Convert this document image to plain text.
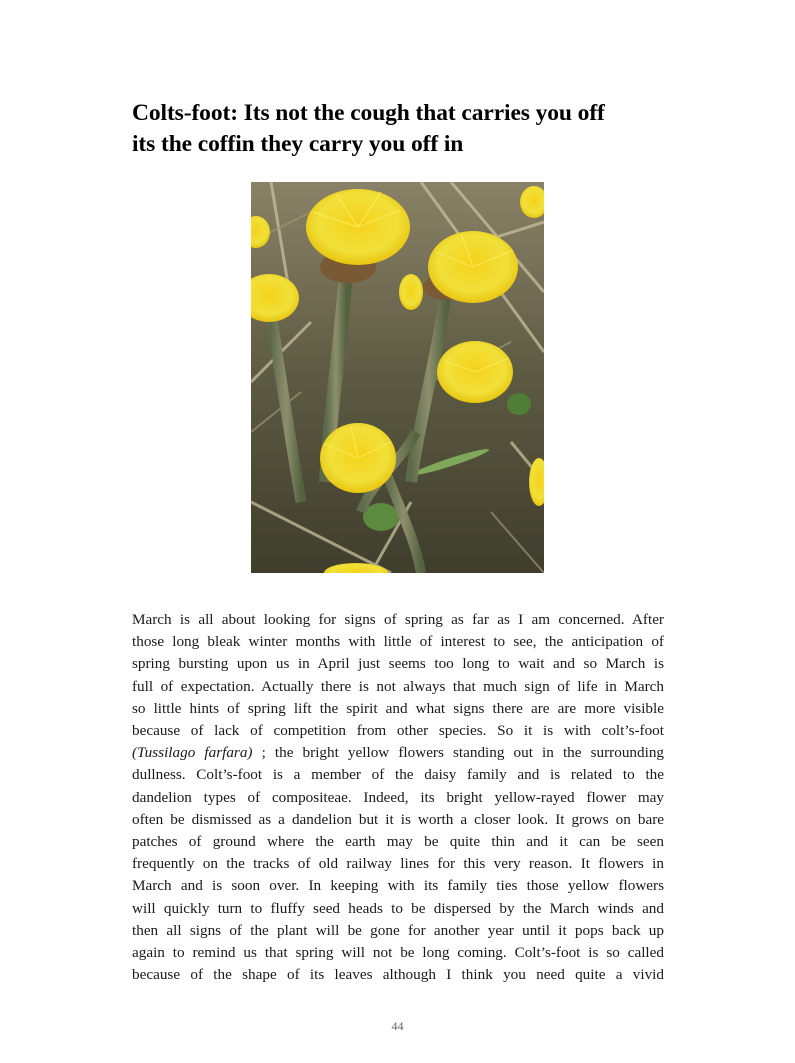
Colts-foot: Its not the cough that carries you off
its the coffin they carry you off in

March is all about looking for signs of spring as far as I am concerned. After
those long bleak winter months with little of interest to see, the anticipation of
spring bursting upon us in April just seems too long to wait and so March is
full of expectation. Actually there is not always that much sign of life in March
so little hints of spring lift the spirit and what signs there are are more visible
because of lack of competition from other species. So it is with colt’s-foot
(Tussilago farfara) ; the bright yellow flowers standing out in the surrounding
dullness. Colt’s-foot is a member of the daisy family and is related to the
dandelion types of compositeae. Indeed, its bright yellow-rayed flower may
often be dismissed as a dandelion but it is worth a closer look. It grows on bare
patches of ground where the earth may be quite thin and it can be seen
frequently on the tracks of old railway lines for this very reason. It flowers in
March and is soon over. In keeping with its family ties those yellow flowers
will quickly turn to fluffy seed heads to be dispersed by the March winds and
then all signs of the plant will be gone for another year until it pops back up
again to remind us that spring will not be long coming. Colt’s-foot is so called
because of the shape of its leaves although I think you need quite a vivid

44
